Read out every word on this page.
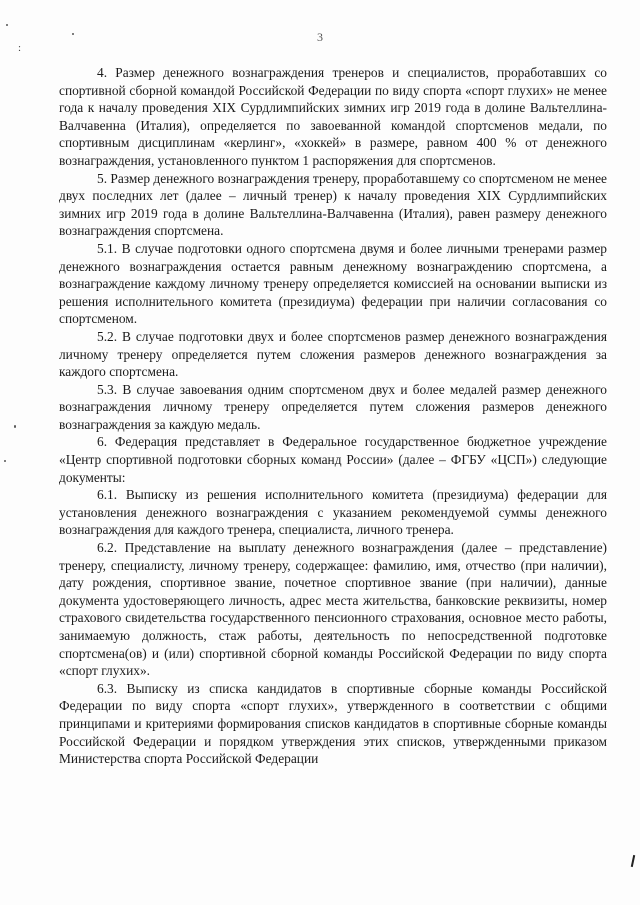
3
:

4. Размер денежного вознаграждения тренеров и специалистов, проработавших со спортивной сборной командой Российской Федерации по виду спорта «спорт глухих» не менее года к началу проведения XIX Сурдлимпийских зимних игр 2019 года в долине Вальтеллина-Валчавенна (Италия), определяется по завоеванной командой спортсменов медали, по спортивным дисциплинам «керлинг», «хоккей» в размере, равном 400 % от денежного вознаграждения, установленного пунктом 1 распоряжения для спортсменов.

5. Размер денежного вознаграждения тренеру, проработавшему со спортсменом не менее двух последних лет (далее – личный тренер) к началу проведения XIX Сурдлимпийских зимних игр 2019 года в долине Вальтеллина-Валчавенна (Италия), равен размеру денежного вознаграждения спортсмена.

5.1. В случае подготовки одного спортсмена двумя и более личными тренерами размер денежного вознаграждения остается равным денежному вознаграждению спортсмена, а вознаграждение каждому личному тренеру определяется комиссией на основании выписки из решения исполнительного комитета (президиума) федерации при наличии согласования со спортсменом.

5.2. В случае подготовки двух и более спортсменов размер денежного вознаграждения личному тренеру определяется путем сложения размеров денежного вознаграждения за каждого спортсмена.

5.3. В случае завоевания одним спортсменом двух и более медалей размер денежного вознаграждения личному тренеру определяется путем сложения размеров денежного вознаграждения за каждую медаль.

6. Федерация представляет в Федеральное государственное бюджетное учреждение «Центр спортивной подготовки сборных команд России» (далее – ФГБУ «ЦСП») следующие документы:

6.1. Выписку из решения исполнительного комитета (президиума) федерации для установления денежного вознаграждения с указанием рекомендуемой суммы денежного вознаграждения для каждого тренера, специалиста, личного тренера.

6.2. Представление на выплату денежного вознаграждения (далее – представление) тренеру, специалисту, личному тренеру, содержащее: фамилию, имя, отчество (при наличии), дату рождения, спортивное звание, почетное спортивное звание (при наличии), данные документа удостоверяющего личность, адрес места жительства, банковские реквизиты, номер страхового свидетельства государственного пенсионного страхования, основное место работы, занимаемую должность, стаж работы, деятельность по непосредственной подготовке спортсмена(ов) и (или) спортивной сборной команды Российской Федерации по виду спорта «спорт глухих».

6.3. Выписку из списка кандидатов в спортивные сборные команды Российской Федерации по виду спорта «спорт глухих», утвержденного в соответствии с общими принципами и критериями формирования списков кандидатов в спортивные сборные команды Российской Федерации и порядком утверждения этих списков, утвержденными приказом Министерства спорта Российской Федерации
